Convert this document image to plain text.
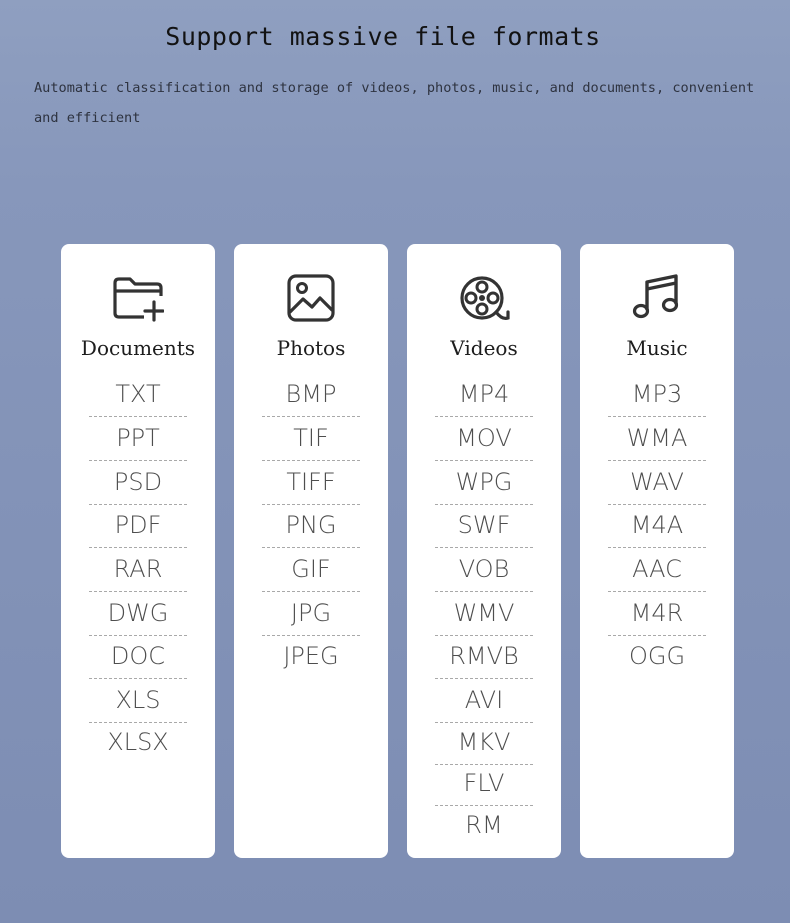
Support massive file formats

Automatic classification and storage of videos, photos, music, and documents, convenient and efficient

Documents
TXT
PPT
PSD
PDF
RAR
DWG
DOC
XLS
XLSX
Photos
BMP
TIF
TIFF
PNG
GIF
JPG
JPEG
Videos
MP4
MOV
WPG
SWF
VOB
WMV
RMVB
AVI
MKV
FLV
RM
Music
MP3
WMA
WAV
M4A
AAC
M4R
OGG
